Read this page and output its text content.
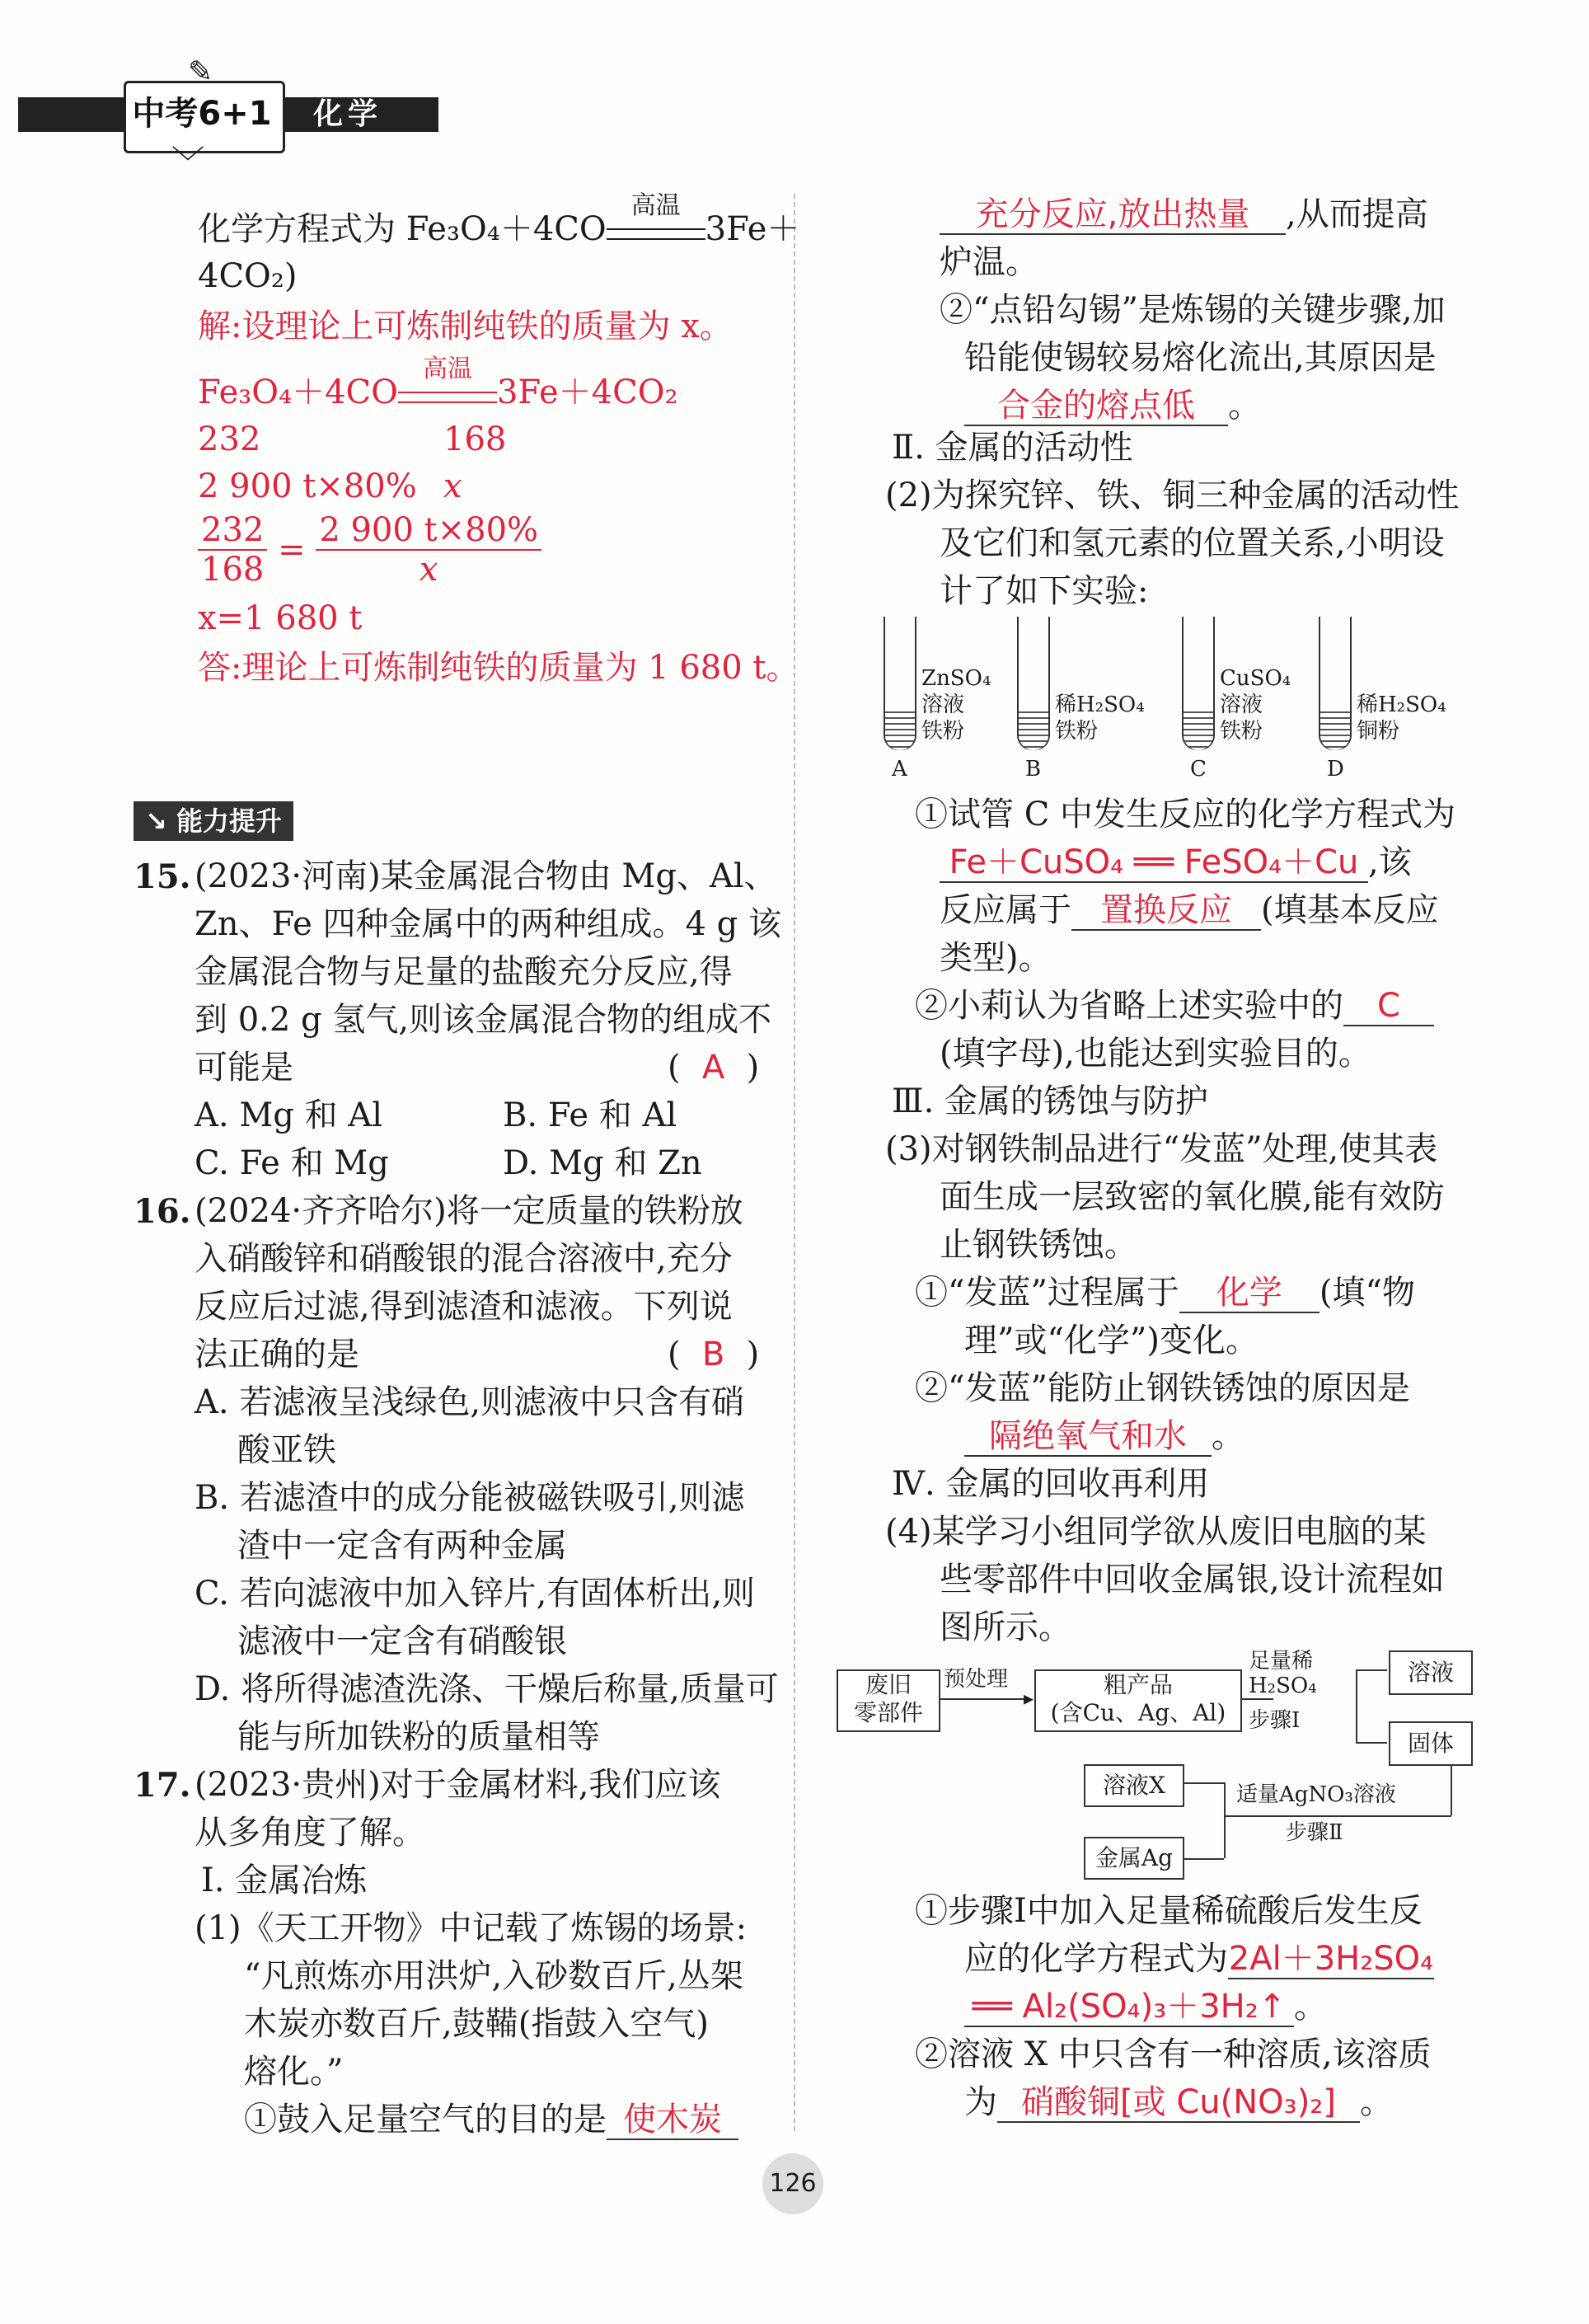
中考6+1
✎
﹀
化学
化学方程式为 Fe₃O₄＋4CO
高温
3Fe＋
4CO₂)
解:设理论上可炼制纯铁的质量为 x。
Fe₃O₄＋4CO
高温
3Fe＋4CO₂
232	168
2 900 t×80% x
$\frac{232}{168} = \frac{2 900 t\times 80\%}{x}$
x=1 680 t
答:理论上可炼制纯铁的质量为 1 680 t。
↘ 能力提升
15. (2023·河南)某金属混合物由 Mg、Al、
Zn、Fe 四种金属中的两种组成。4 g 该
金属混合物与足量的盐酸充分反应,得
到 0.2 g 氢气,则该金属混合物的组成不
可能是	( A )
A. Mg 和 Al	B. Fe 和 Al
C. Fe 和 Mg	D. Mg 和 Zn
16. (2024·齐齐哈尔)将一定质量的铁粉放
入硝酸锌和硝酸银的混合溶液中,充分
反应后过滤,得到滤渣和滤液。下列说
法正确的是	( B )
A. 若滤液呈浅绿色,则滤液中只含有硝
酸亚铁
B. 若滤渣中的成分能被磁铁吸引,则滤
渣中一定含有两种金属
C. 若向滤液中加入锌片,有固体析出,则
滤液中一定含有硝酸银
D. 将所得滤渣洗涤、干燥后称量,质量可
能与所加铁粉的质量相等
17. (2023·贵州)对于金属材料,我们应该
从多角度了解。
Ⅰ. 金属冶炼
(1)《天工开物》中记载了炼锡的场景:
“凡煎炼亦用洪炉,入砂数百斤,丛架
木炭亦数百斤,鼓鞴(指鼓入空气)
熔化。”
①鼓入足量空气的目的是 使木炭
充分反应,放出热量 ,从而提高
炉温。
②“点铅勾锡”是炼锡的关键步骤,加
铅能使锡较易熔化流出,其原因是
合金的熔点低 。
Ⅱ. 金属的活动性
(2)为探究锌、铁、铜三种金属的活动性
及它们和氢元素的位置关系,小明设
计了如下实验:
ZnSO₄
溶液
铁粉
A
稀H₂SO₄
铁粉
B
CuSO₄
溶液
铁粉
C
稀H₂SO₄
铜粉
D
①试管 C 中发生反应的化学方程式为
Fe＋CuSO₄ ══ FeSO₄＋Cu ,该
反应属于 置换反应 (填基本反应
类型)。
②小莉认为省略上述实验中的 C
(填字母),也能达到实验目的。
Ⅲ. 金属的锈蚀与防护
(3)对钢铁制品进行“发蓝”处理,使其表
面生成一层致密的氧化膜,能有效防
止钢铁锈蚀。
①“发蓝”过程属于 化学 (填“物
理”或“化学”)变化。
②“发蓝”能防止钢铁锈蚀的原因是
隔绝氧气和水 。
Ⅳ. 金属的回收再利用
(4)某学习小组同学欲从废旧电脑的某
些零部件中回收金属银,设计流程如
图所示。
废旧
零部件
预处理
▸	粗产品
(含Cu、Ag、Al)
足量稀
H₂SO₄
步骤Ⅰ
溶液
固体
适量AgNO₃溶液
步骤Ⅱ
溶液X
金属Ag
①步骤Ⅰ中加入足量稀硫酸后发生反
应的化学方程式为2Al＋3H₂SO₄
══ Al₂(SO₄)₃＋3H₂↑ 。
②溶液 X 中只含有一种溶质,该溶质
为 硝酸铜[或 Cu(NO₃)₂] 。
126
